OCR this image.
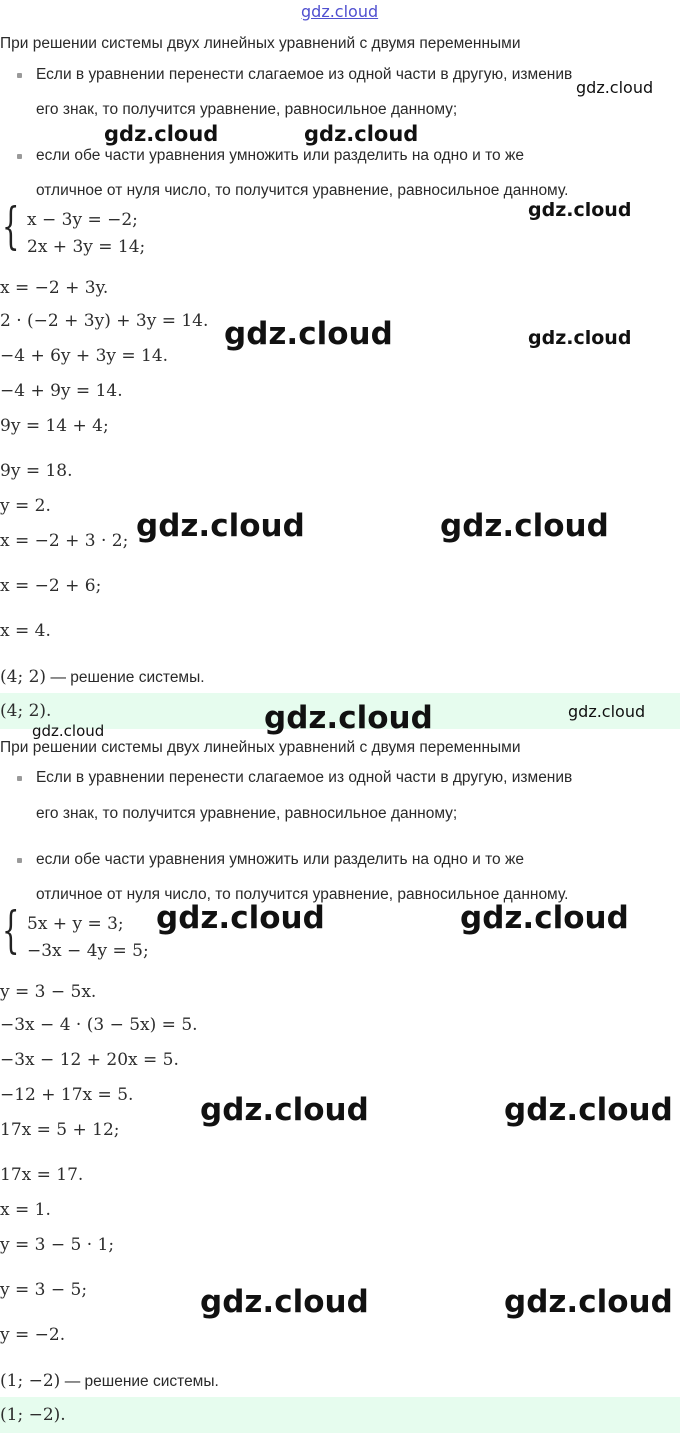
gdz.cloud
При решении системы двух линейных уравнений с двумя переменными
Если в уравнении перенести слагаемое из одной части в другую, изменив
его знак, то получится уравнение, равносильное данному;
если обе части уравнения умножить или разделить на одно и то же
отличное от нуля число, то получится уравнение, равносильное данному.
{ x − 3y = −2;
2x + 3y = 14;
x = −2 + 3y.
2 · (−2 + 3y) + 3y = 14.
−4 + 6y + 3y = 14.
−4 + 9y = 14.
9y = 14 + 4;
9y = 18.
y = 2.
x = −2 + 3 · 2;
x = −2 + 6;
x = 4.
(4; 2) — решение системы.
(4; 2).
При решении системы двух линейных уравнений с двумя переменными
Если в уравнении перенести слагаемое из одной части в другую, изменив
его знак, то получится уравнение, равносильное данному;
если обе части уравнения умножить или разделить на одно и то же
отличное от нуля число, то получится уравнение, равносильное данному.
{ 5x + y = 3;
−3x − 4y = 5;
y = 3 − 5x.
−3x − 4 · (3 − 5x) = 5.
−3x − 12 + 20x = 5.
−12 + 17x = 5.
17x = 5 + 12;
17x = 17.
x = 1.
y = 3 − 5 · 1;
y = 3 − 5;
y = −2.
(1; −2) — решение системы.
(1; −2).
gdz.cloud
gdz.cloud	gdz.cloud
gdz.cloud
gdz.cloud	gdz.cloud
gdz.cloud	gdz.cloud
gdz.cloud	gdz.cloud
gdz.cloud
gdz.cloud	gdz.cloud
gdz.cloud	gdz.cloud
gdz.cloud	gdz.cloud
